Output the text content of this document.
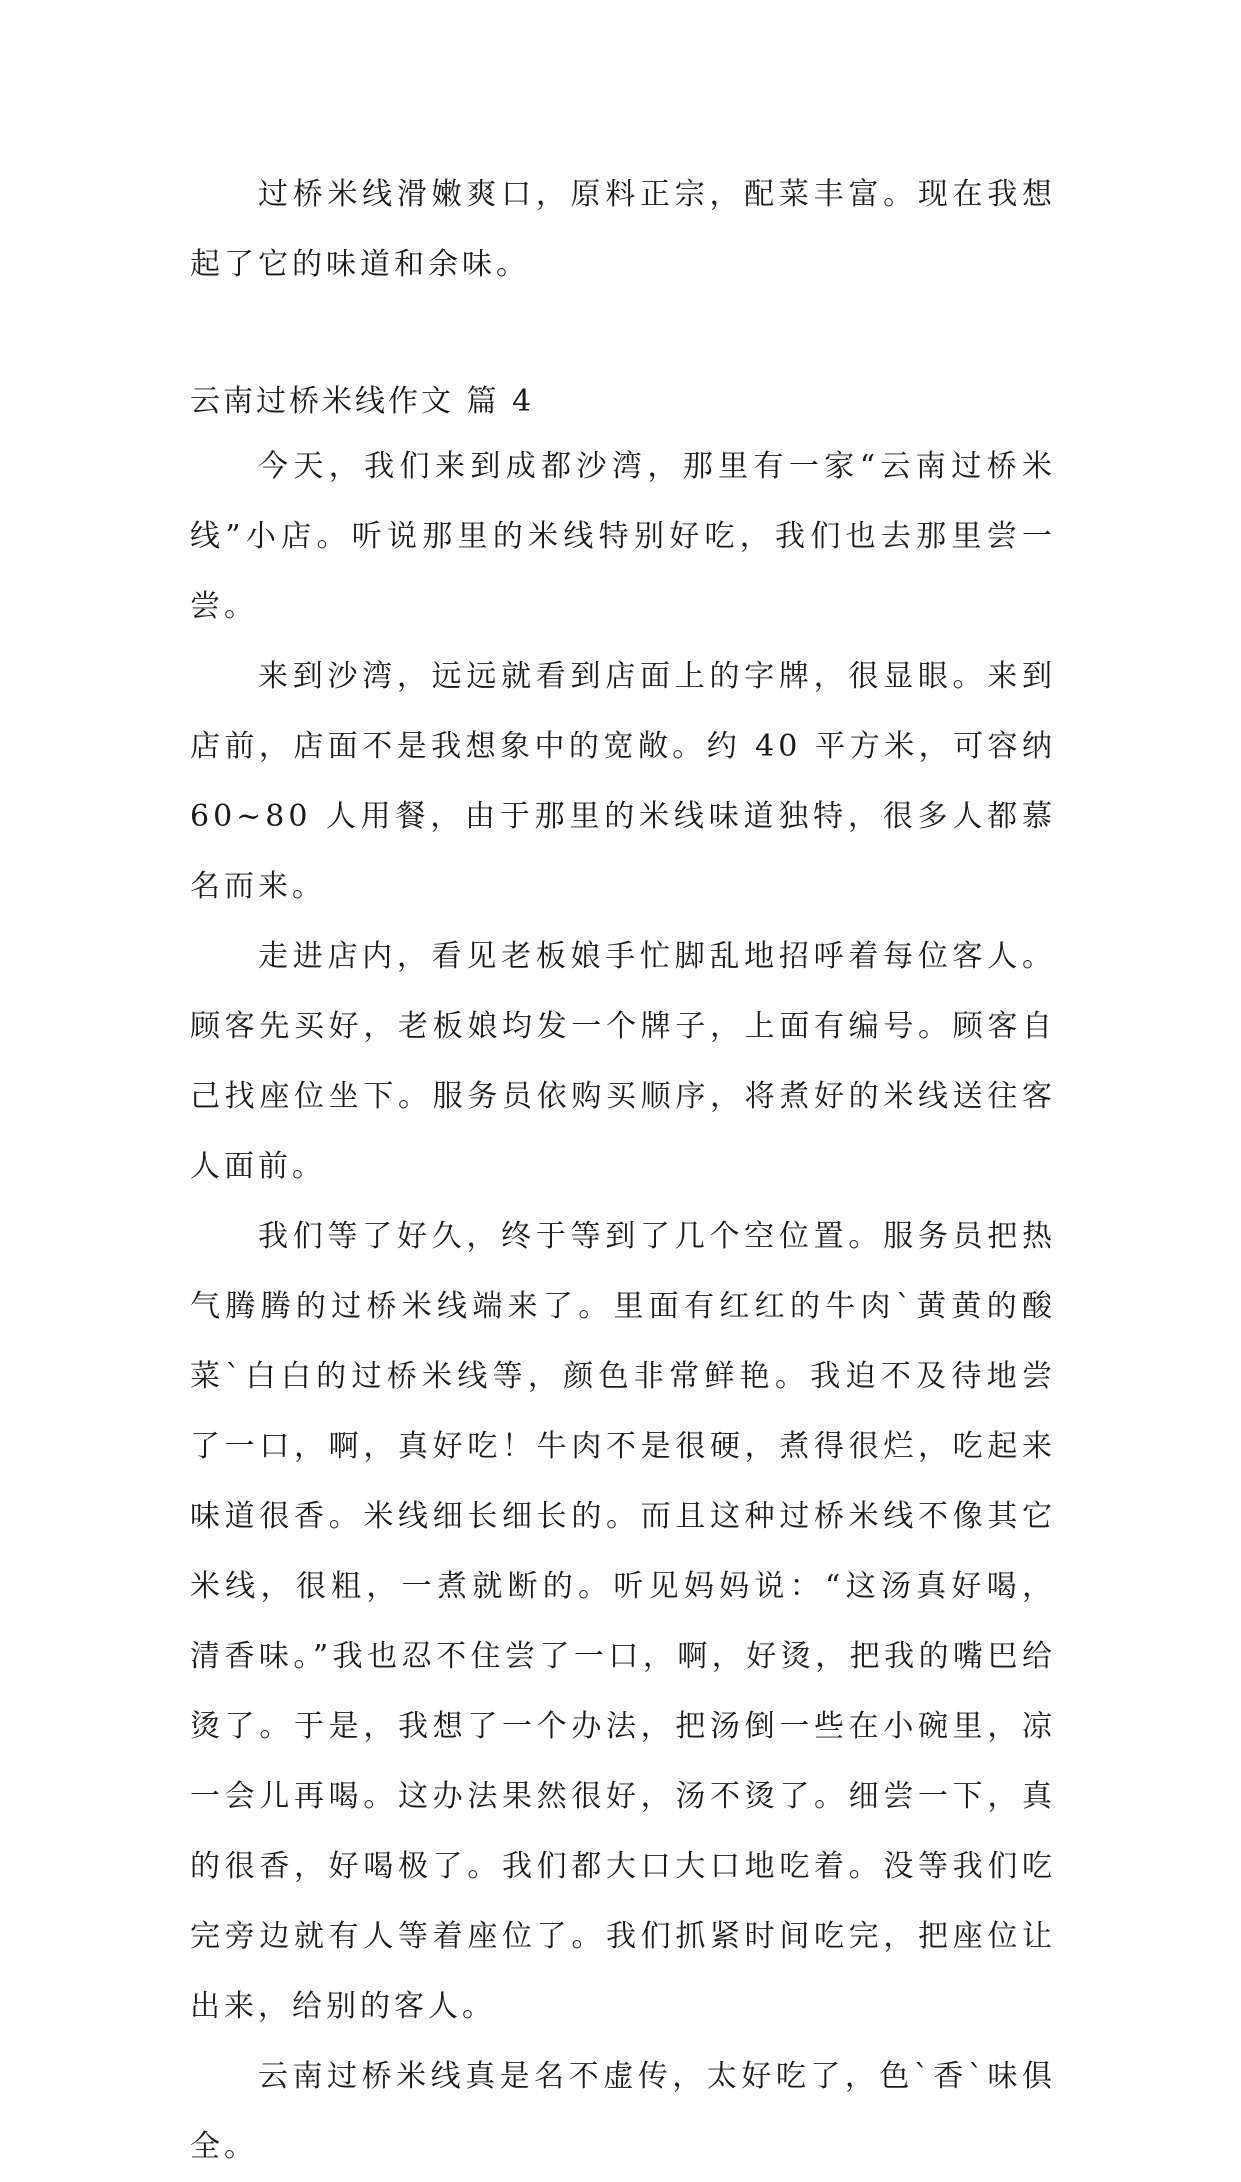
过桥米线滑嫩爽口，原料正宗，配菜丰富。现在我想起了它的味道和余味。

云南过桥米线作文 篇 4

今天，我们来到成都沙湾，那里有一家“云南过桥米线”小店。听说那里的米线特别好吃，我们也去那里尝一尝。

来到沙湾，远远就看到店面上的字牌，很显眼。来到店前，店面不是我想象中的宽敞。约 40 平方米，可容纳 60~80 人用餐，由于那里的米线味道独特，很多人都慕名而来。

走进店内，看见老板娘手忙脚乱地招呼着每位客人。顾客先买好，老板娘均发一个牌子，上面有编号。顾客自己找座位坐下。服务员依购买顺序，将煮好的米线送往客人面前。

我们等了好久，终于等到了几个空位置。服务员把热气腾腾的过桥米线端来了。里面有红红的牛肉`黄黄的酸菜`白白的过桥米线等，颜色非常鲜艳。我迫不及待地尝了一口，啊，真好吃！牛肉不是很硬，煮得很烂，吃起来味道很香。米线细长细长的。而且这种过桥米线不像其它米线，很粗，一煮就断的。听见妈妈说：“这汤真好喝，清香味。”我也忍不住尝了一口，啊，好烫，把我的嘴巴给烫了。于是，我想了一个办法，把汤倒一些在小碗里，凉一会儿再喝。这办法果然很好，汤不烫了。细尝一下，真的很香，好喝极了。我们都大口大口地吃着。没等我们吃完旁边就有人等着座位了。我们抓紧时间吃完，把座位让出来，给别的客人。

云南过桥米线真是名不虚传，太好吃了，色`香`味俱全。
